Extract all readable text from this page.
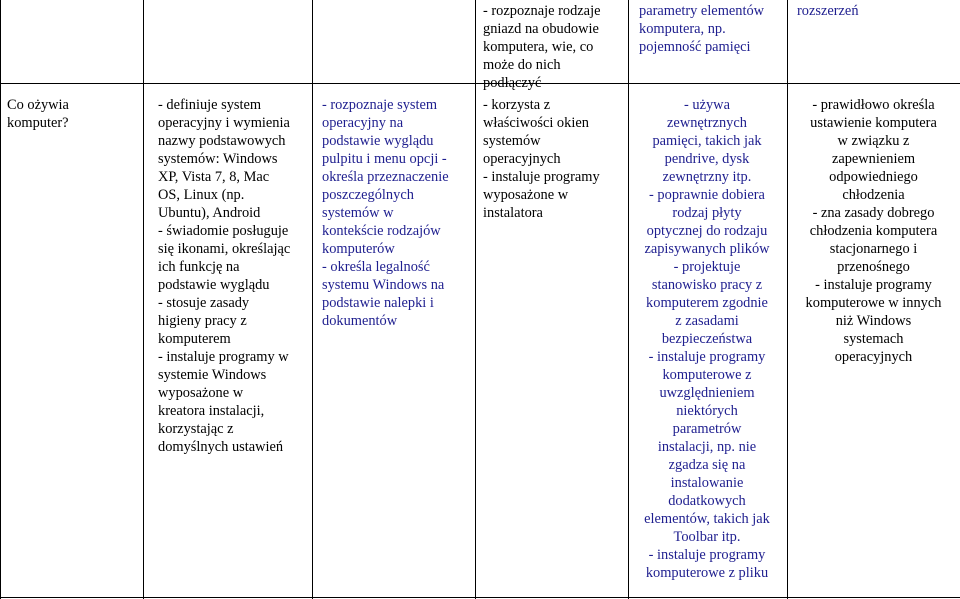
- rozpoznaje rodzaje
gniazd na obudowie
komputera, wie, co
może do nich
podłączyć
parametry elementów
komputera, np.
pojemność pamięci
rozszerzeń
Co ożywia
komputer?
- definiuje system
operacyjny i wymienia
nazwy podstawowych
systemów: Windows
XP, Vista 7, 8, Mac
OS, Linux (np.
Ubuntu), Android
- świadomie posługuje
się ikonami, określając
ich funkcję na
podstawie wyglądu
- stosuje zasady
higieny pracy z
komputerem
- instaluje programy w
systemie Windows
wyposażone w
kreatora instalacji,
korzystając z
domyślnych ustawień
- rozpoznaje system
operacyjny na
podstawie wyglądu
pulpitu i menu opcji -
określa przeznaczenie
poszczególnych
systemów w
kontekście rodzajów
komputerów
- określa legalność
systemu Windows na
podstawie nalepki i
dokumentów
- korzysta z
właściwości okien
systemów
operacyjnych
- instaluje programy
wyposażone w
instalatora
- używa
zewnętrznych
pamięci, takich jak
pendrive, dysk
zewnętrzny itp.
- poprawnie dobiera
rodzaj płyty
optycznej do rodzaju
zapisywanych plików
- projektuje
stanowisko pracy z
komputerem zgodnie
z zasadami
bezpieczeństwa
- instaluje programy
komputerowe z
uwzględnieniem
niektórych
parametrów
instalacji, np. nie
zgadza się na
instalowanie
dodatkowych
elementów, takich jak
Toolbar itp.
- instaluje programy
komputerowe z pliku
- prawidłowo określa
ustawienie komputera
w związku z
zapewnieniem
odpowiedniego
chłodzenia
- zna zasady dobrego
chłodzenia komputera
stacjonarnego i
przenośnego
- instaluje programy
komputerowe w innych
niż Windows
systemach
operacyjnych
